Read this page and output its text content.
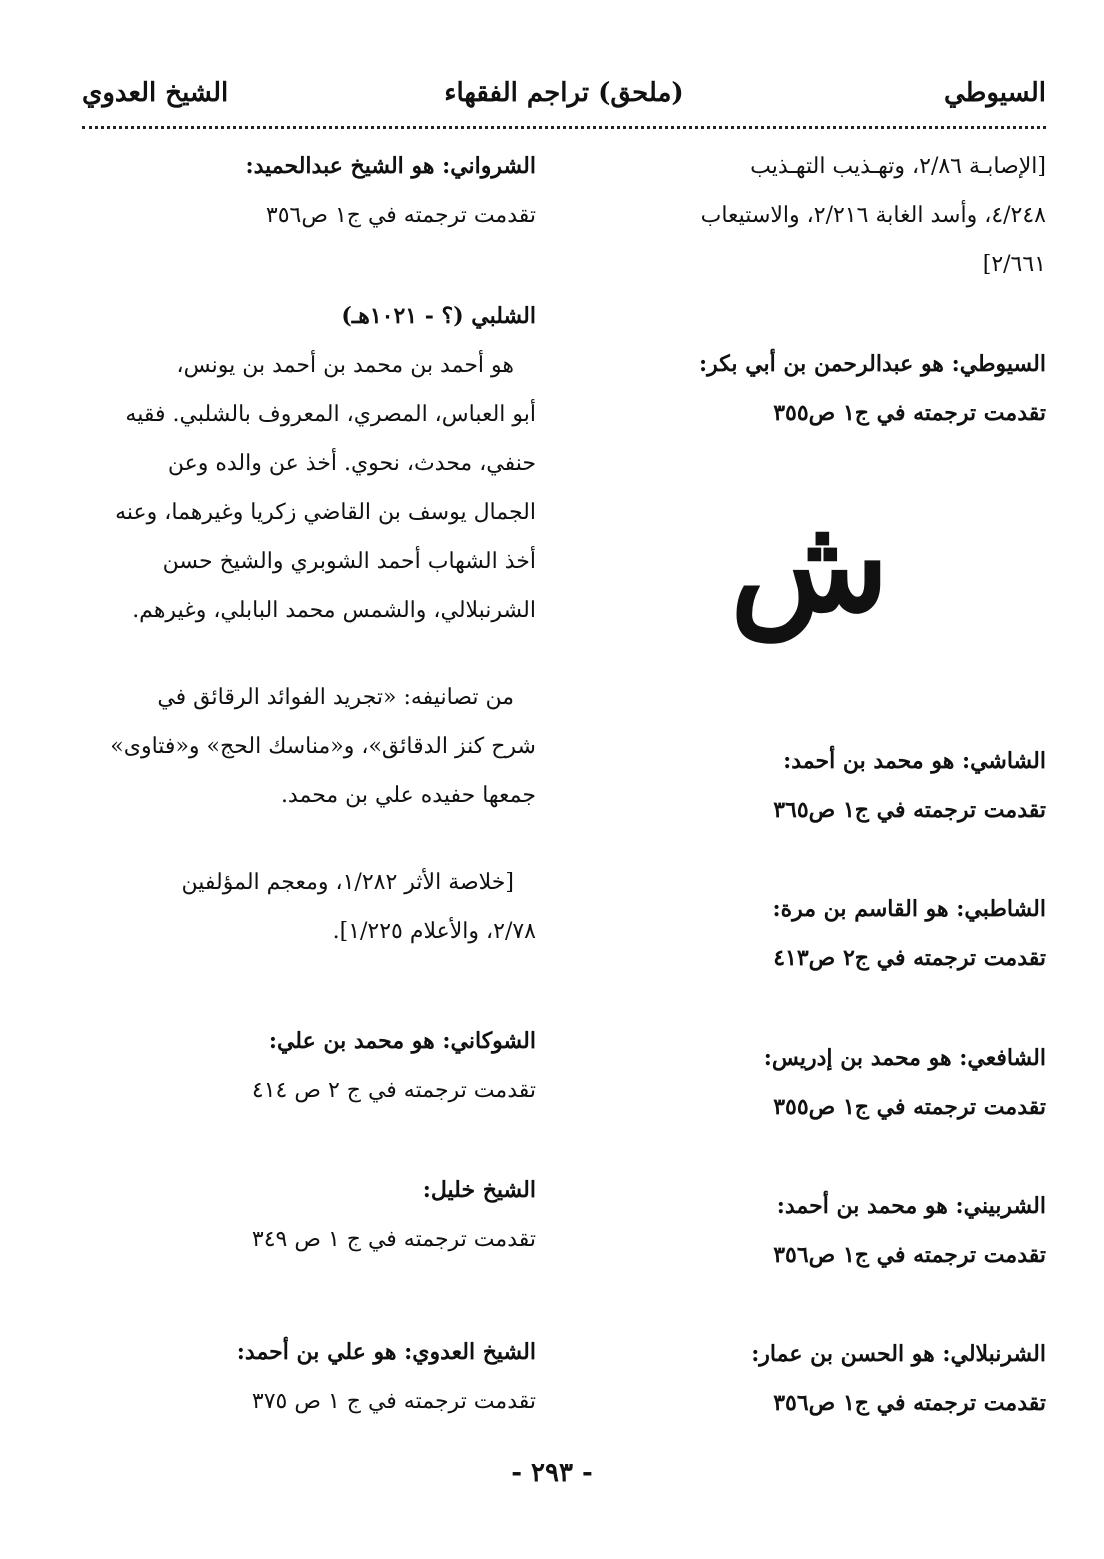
السيوطي
(ملحق) تراجم الفقهاء
الشيخ العدوي
[الإصابـة ٢/٨٦، وتهـذيب التهـذيب
٤/٢٤٨، وأسد الغابة ٢/٢١٦، والاستيعاب
٢/٦٦١]
السيوطي: هو عبدالرحمن بن أبي بكر:
تقدمت ترجمته في ج١ ص٣٥٥
الشاشي: هو محمد بن أحمد:
تقدمت ترجمته في ج١ ص٣٦٥
الشاطبي: هو القاسم بن مرة:
تقدمت ترجمته في ج٢ ص٤١٣
الشافعي: هو محمد بن إدريس:
تقدمت ترجمته في ج١ ص٣٥٥
الشربيني: هو محمد بن أحمد:
تقدمت ترجمته في ج١ ص٣٥٦
الشرنبلالي: هو الحسن بن عمار:
تقدمت ترجمته في ج١ ص٣٥٦
ش
الشرواني: هو الشيخ عبدالحميد:
تقدمت ترجمته في ج١ ص٣٥٦
الشلبي (؟ - ١٠٢١هـ)
هو أحمد بن محمد بن أحمد بن يونس،
أبو العباس، المصري، المعروف بالشلبي. فقيه
حنفي، محدث، نحوي. أخذ عن والده وعن
الجمال يوسف بن القاضي زكريا وغيرهما، وعنه
أخذ الشهاب أحمد الشوبري والشيخ حسن
الشرنبلالي، والشمس محمد البابلي، وغيرهم.
من تصانيفه: «تجريد الفوائد الرقائق في
شرح كنز الدقائق»، و«مناسك الحج» و«فتاوى»
جمعها حفيده علي بن محمد.
[خلاصة الأثر ١/٢٨٢، ومعجم المؤلفين
٢/٧٨، والأعلام ١/٢٢٥].
الشوكاني: هو محمد بن علي:
تقدمت ترجمته في ج ٢ ص ٤١٤
الشيخ خليل:
تقدمت ترجمته في ج ١ ص ٣٤٩
الشيخ العدوي: هو علي بن أحمد:
تقدمت ترجمته في ج ١ ص ٣٧٥
- ٢٩٣ -
